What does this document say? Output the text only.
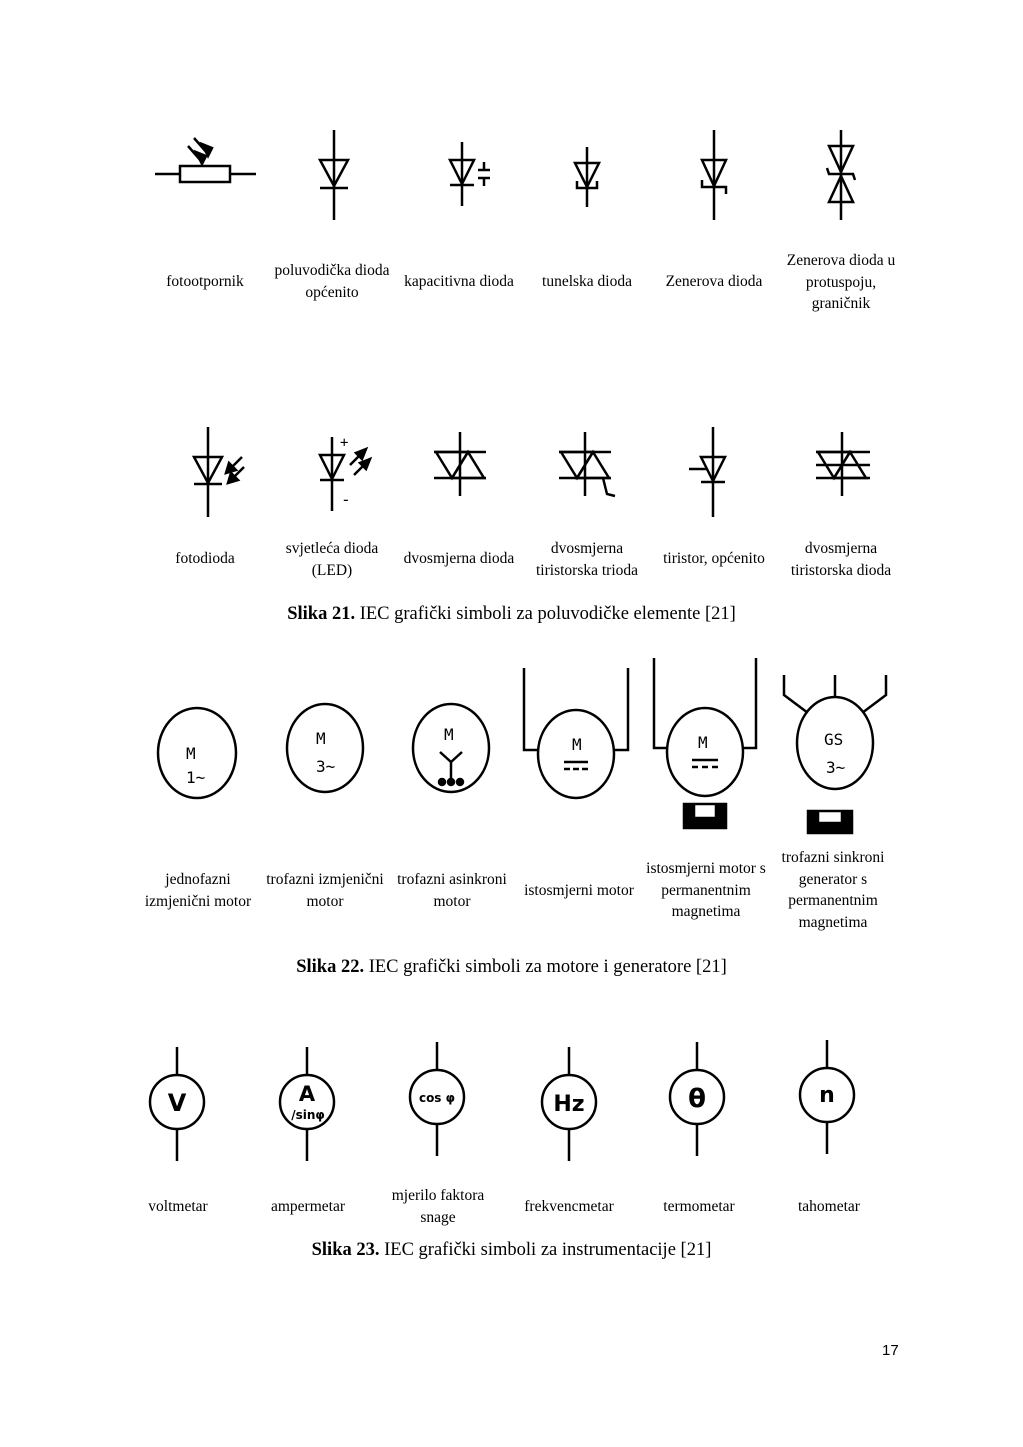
fotootpornik
poluvodička dioda
općenito
kapacitivna dioda	tunelska dioda	Zenerova dioda
Zenerova dioda u
protuspoju,
graničnik
+
-
fotodioda
svjetleća dioda
(LED)
dvosmjerna dioda
dvosmjerna
tiristorska trioda
tiristor, općenito
dvosmjerna
tiristorska dioda
Slika 21. IEC grafički simboli za poluvodičke elemente [21]
M
1~
M
3~
M
M	M	GS
3~
jednofazni
izmjenični motor
trofazni izmjenični
motor
trofazni asinkroni
motor
istosmjerni motor
istosmjerni motor s
permanentnim
magnetima
trofazni sinkroni
generator s
permanentnim
magnetima
Slika 22. IEC grafički simboli za motore i generatore [21]
V	A
/sinφ
cos φ	Hz	θ	n
voltmetar	ampermetar
mjerilo faktora
snage
frekvencmetar	termometar	tahometar
Slika 23. IEC grafički simboli za instrumentacije [21]
17
